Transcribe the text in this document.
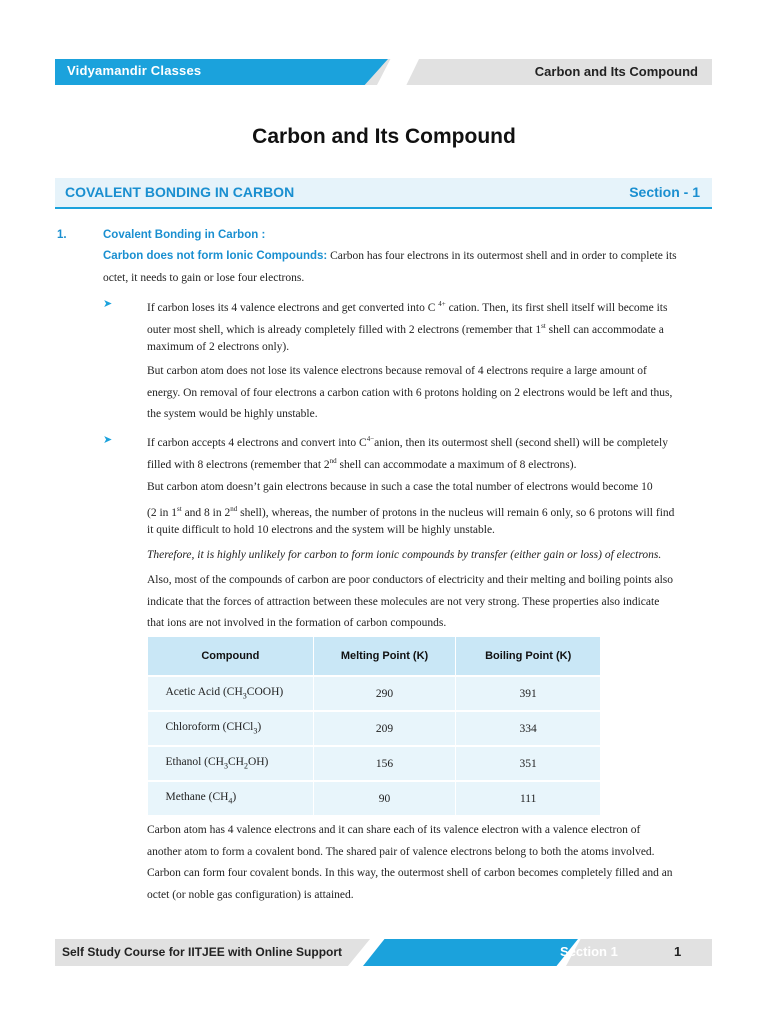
Vidyamandir Classes	Carbon and Its Compound
Carbon and Its Compound
COVALENT BONDING IN CARBON	Section - 1
1.	Covalent Bonding in Carbon :
Carbon does not form Ionic Compounds: Carbon has four electrons in its outermost shell and in order to complete its
octet, it needs to gain or lose four electrons.
➤	If carbon loses its 4 valence electrons and get converted into C $^{4+}$ cation. Then, its first shell itself will become its
outer most shell, which is already completely filled with 2 electrons (remember that 1st shell can accommodate a
maximum of 2 electrons only).
But carbon atom does not lose its valence electrons because removal of 4 electrons require a large amount of
energy. On removal of four electrons a carbon cation with 6 protons holding on 2 electrons would be left and thus,
the system would be highly unstable.
➤	If carbon accepts 4 electrons and convert into $C^{4-}anion$, then its outermost shell (second shell) will be completely
filled with 8 electrons (remember that 2nd shell can accommodate a maximum of 8 electrons).
But carbon atom doesn’t gain electrons because in such a case the total number of electrons would become 10
(2 in 1st and 8 in 2nd shell), whereas, the number of protons in the nucleus will remain 6 only, so 6 protons will find
it quite difficult to hold 10 electrons and the system will be highly unstable.
Therefore, it is highly unlikely for carbon to form ionic compounds by transfer (either gain or loss) of electrons.
Also, most of the compounds of carbon are poor conductors of electricity and their melting and boiling points also
indicate that the forces of attraction between these molecules are not very strong. These properties also indicate
that ions are not involved in the formation of carbon compounds.
Compound	Melting Point (K)	Boiling Point (K)
Acetic Acid $(CH_3COOH)$	290	391
Chloroform (CHCl$_3$)	209	334
Ethanol $(CH_3CH_2OH)$	156	351
Methane $(CH_4)$	90	111
Carbon atom has 4 valence electrons and it can share each of its valence electron with a valence electron of
another atom to form a covalent bond. The shared pair of valence electrons belong to both the atoms involved.
Carbon can form four covalent bonds. In this way, the outermost shell of carbon becomes completely filled and an
octet (or noble gas configuration) is attained.
Self Study Course for IITJEE with Online Support	Section 1	1
